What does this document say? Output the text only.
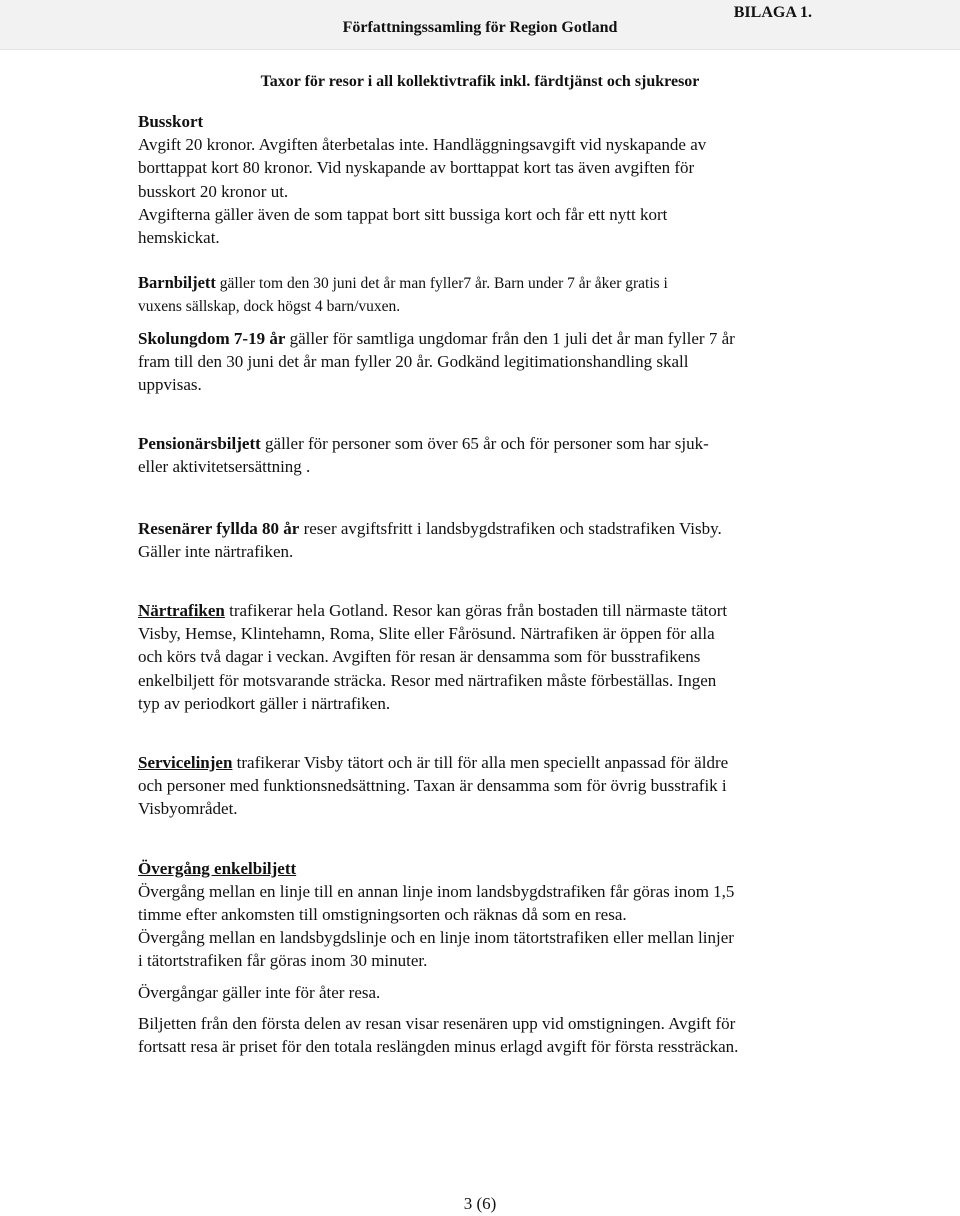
Författningssamling för Region Gotland
BILAGA 1.
Taxor för resor i all kollektivtrafik inkl. färdtjänst och sjukresor

Busskort

Avgift 20 kronor. Avgiften återbetalas inte. Handläggningsavgift vid nyskapande av

borttappat kort 80 kronor. Vid nyskapande av borttappat kort tas även avgiften för

busskort 20 kronor ut.

Avgifterna gäller även de som tappat bort sitt bussiga kort och får ett nytt kort

hemskickat.

Barnbiljett gäller tom den 30 juni det år man fyller7 år. Barn under 7 år åker gratis i
vuxens sällskap, dock högst 4 barn/vuxen.

Skolungdom 7-19 år gäller för samtliga ungdomar från den 1 juli det år man fyller 7 år

fram till den 30 juni det år man fyller 20 år. Godkänd legitimationshandling skall

uppvisas.

Pensionärsbiljett gäller för personer som över 65 år och för personer som har sjuk-

eller aktivitetsersättning .

Resenärer fyllda 80 år reser avgiftsfritt i landsbygdstrafiken och stadstrafiken Visby.

Gäller inte närtrafiken.

Närtrafiken trafikerar hela Gotland. Resor kan göras från bostaden till närmaste tätort

Visby, Hemse, Klintehamn, Roma, Slite eller Fårösund. Närtrafiken är öppen för alla

och körs två dagar i veckan. Avgiften för resan är densamma som för busstrafikens

enkelbiljett för motsvarande sträcka. Resor med närtrafiken måste förbeställas. Ingen

typ av periodkort gäller i närtrafiken.

Servicelinjen trafikerar Visby tätort och är till för alla men speciellt anpassad för äldre

och personer med funktionsnedsättning. Taxan är densamma som för övrig busstrafik i

Visbyområdet.

Övergång enkelbiljett

Övergång mellan en linje till en annan linje inom landsbygdstrafiken får göras inom 1,5

timme efter ankomsten till omstigningsorten och räknas då som en resa.

Övergång mellan en landsbygdslinje och en linje inom tätortstrafiken eller mellan linjer

i tätortstrafiken får göras inom 30 minuter.

Övergångar gäller inte för åter resa.

Biljetten från den första delen av resan visar resenären upp vid omstigningen. Avgift för

fortsatt resa är priset för den totala reslängden minus erlagd avgift för första ressträckan.

3 (6)
